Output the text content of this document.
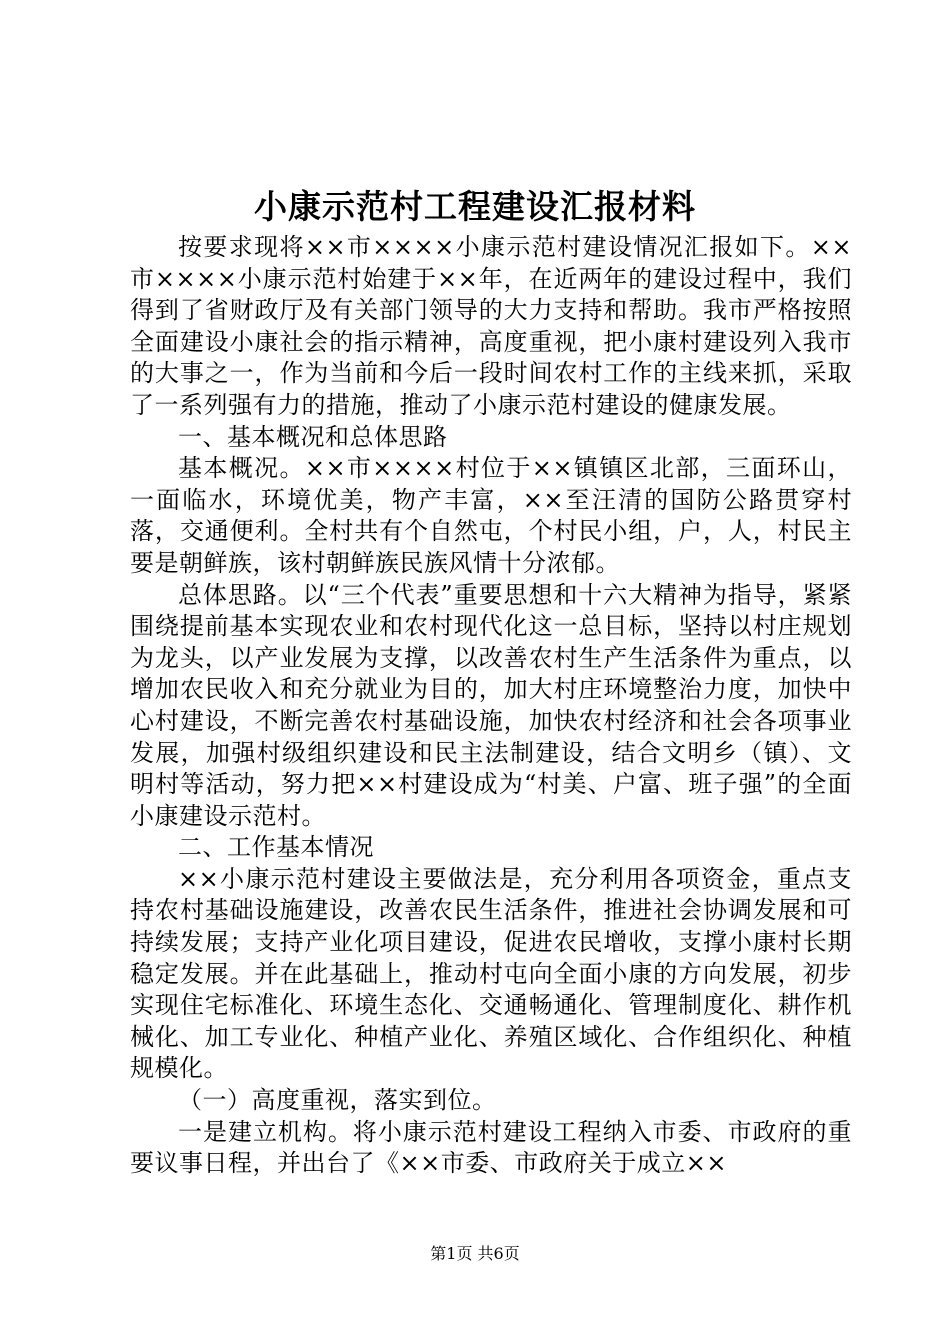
小康示范村工程建设汇报材料

按要求现将××市××××小康示范村建设情况汇报如下。××市××××小康示范村始建于××年，在近两年的建设过程中，我们得到了省财政厅及有关部门领导的大力支持和帮助。我市严格按照全面建设小康社会的指示精神，高度重视，把小康村建设列入我市的大事之一，作为当前和今后一段时间农村工作的主线来抓，采取了一系列强有力的措施，推动了小康示范村建设的健康发展。

一、基本概况和总体思路

基本概况。××市××××村位于××镇镇区北部，三面环山，一面临水，环境优美，物产丰富，××至汪清的国防公路贯穿村落，交通便利。全村共有个自然屯，个村民小组，户，人，村民主要是朝鲜族，该村朝鲜族民族风情十分浓郁。

总体思路。以“三个代表”重要思想和十六大精神为指导，紧紧围绕提前基本实现农业和农村现代化这一总目标，坚持以村庄规划为龙头，以产业发展为支撑，以改善农村生产生活条件为重点，以增加农民收入和充分就业为目的，加大村庄环境整治力度，加快中心村建设，不断完善农村基础设施，加快农村经济和社会各项事业发展，加强村级组织建设和民主法制建设，结合文明乡（镇）、文明村等活动，努力把××村建设成为“村美、户富、班子强”的全面小康建设示范村。

二、工作基本情况

××小康示范村建设主要做法是，充分利用各项资金，重点支持农村基础设施建设，改善农民生活条件，推进社会协调发展和可持续发展；支持产业化项目建设，促进农民增收，支撑小康村长期稳定发展。并在此基础上，推动村屯向全面小康的方向发展，初步实现住宅标准化、环境生态化、交通畅通化、管理制度化、耕作机械化、加工专业化、种植产业化、养殖区域化、合作组织化、种植规模化。

（一）高度重视，落实到位。

一是建立机构。将小康示范村建设工程纳入市委、市政府的重要议事日程，并出台了《××市委、市政府关于成立××

第1页 共6页
